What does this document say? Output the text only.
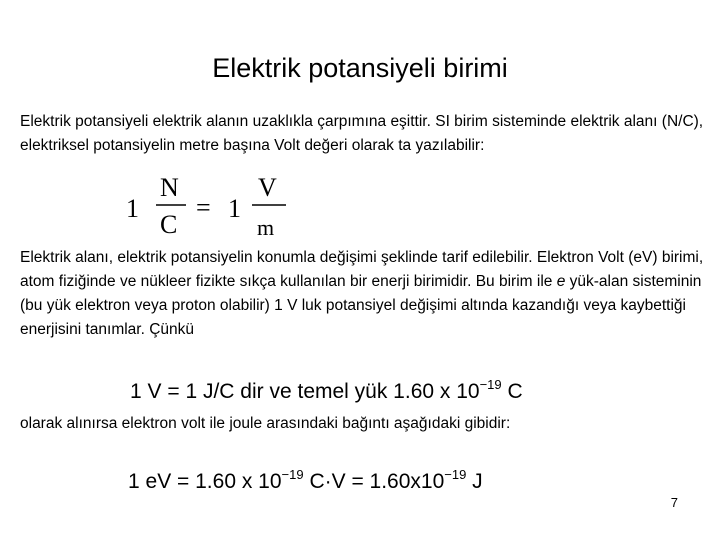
Elektrik potansiyeli birimi
Elektrik potansiyeli elektrik alanın uzaklıkla çarpımına eşittir. SI birim sisteminde elektrik alanı (N/C), elektriksel potansiyelin metre başına Volt değeri olarak ta yazılabilir:
1
N
C
= 1
V
m
Elektrik alanı, elektrik potansiyelin konumla değişimi şeklinde tarif edilebilir. Elektron Volt (eV) birimi, atom fiziğinde ve nükleer fizikte sıkça kullanılan bir enerji birimidir. Bu birim ile e yük-alan sisteminin (bu yük elektron veya proton olabilir) 1 V luk potansiyel değişimi altında kazandığı veya kaybettiği enerjisini tanımlar. Çünkü
1 V = 1 J/C dir ve temel yük 1.60 x $10^{-19}$ C
olarak alınırsa elektron volt ile joule arasındaki bağıntı aşağıdaki gibidir:
1 eV = 1.60 x $10^{-19}$ $C\cdot V = 1.60x10^{-19}$ J
7
